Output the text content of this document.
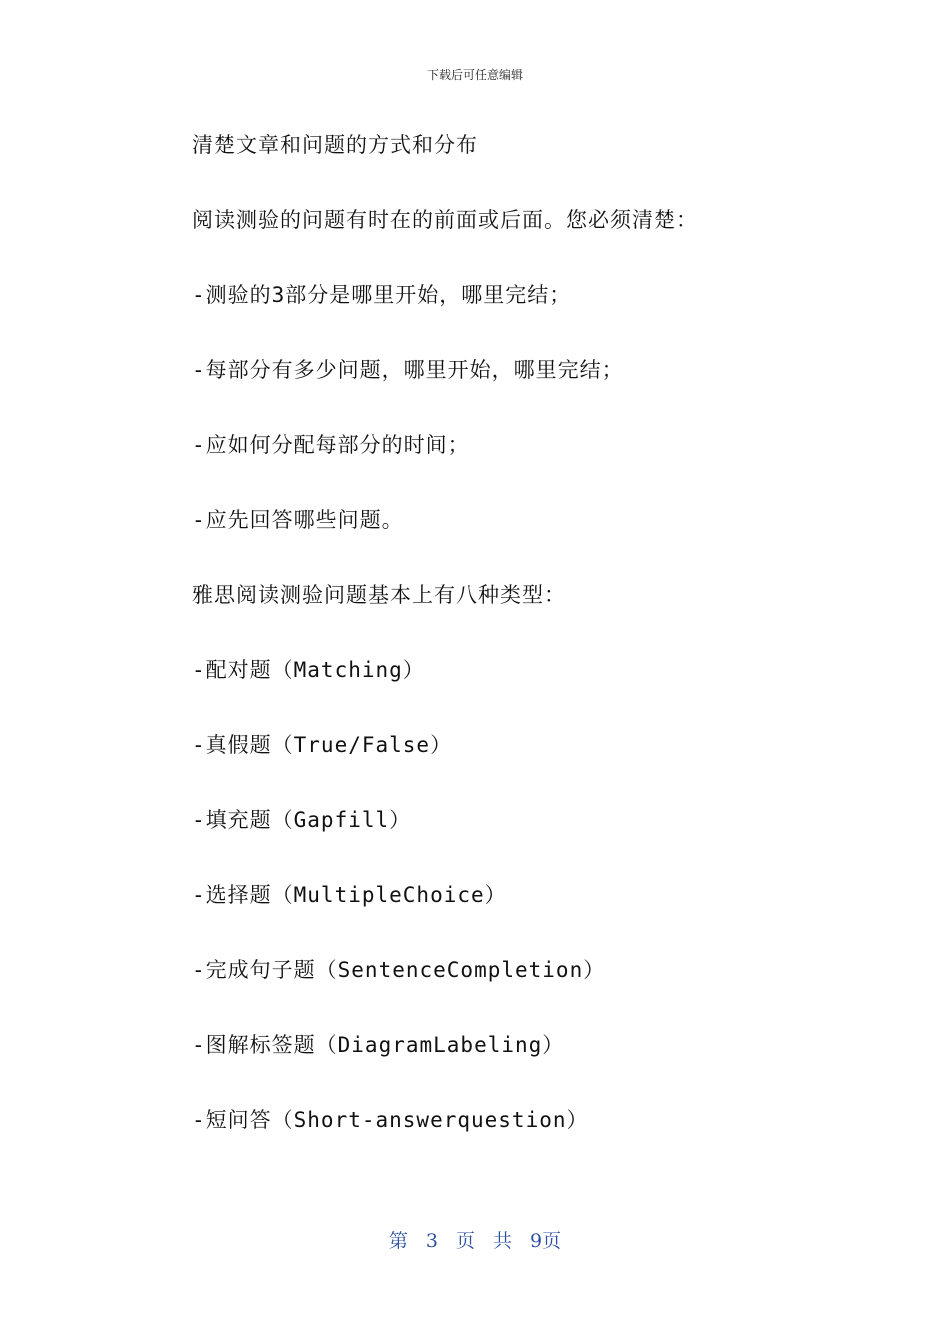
下载后可任意编辑
清楚文章和问题的方式和分布
阅读测验的问题有时在的前面或后面。您必须清楚：
-测验的3部分是哪里开始，哪里完结；
-每部分有多少问题，哪里开始，哪里完结；
-应如何分配每部分的时间；
-应先回答哪些问题。
雅思阅读测验问题基本上有八种类型：
-配对题（Matching）
-真假题（True/False）
-填充题（Gapfill）
-选择题（MultipleChoice）
-完成句子题（SentenceCompletion）
-图解标签题（DiagramLabeling）
-短问答（Short-answerquestion）
第 3 页 共 9页
